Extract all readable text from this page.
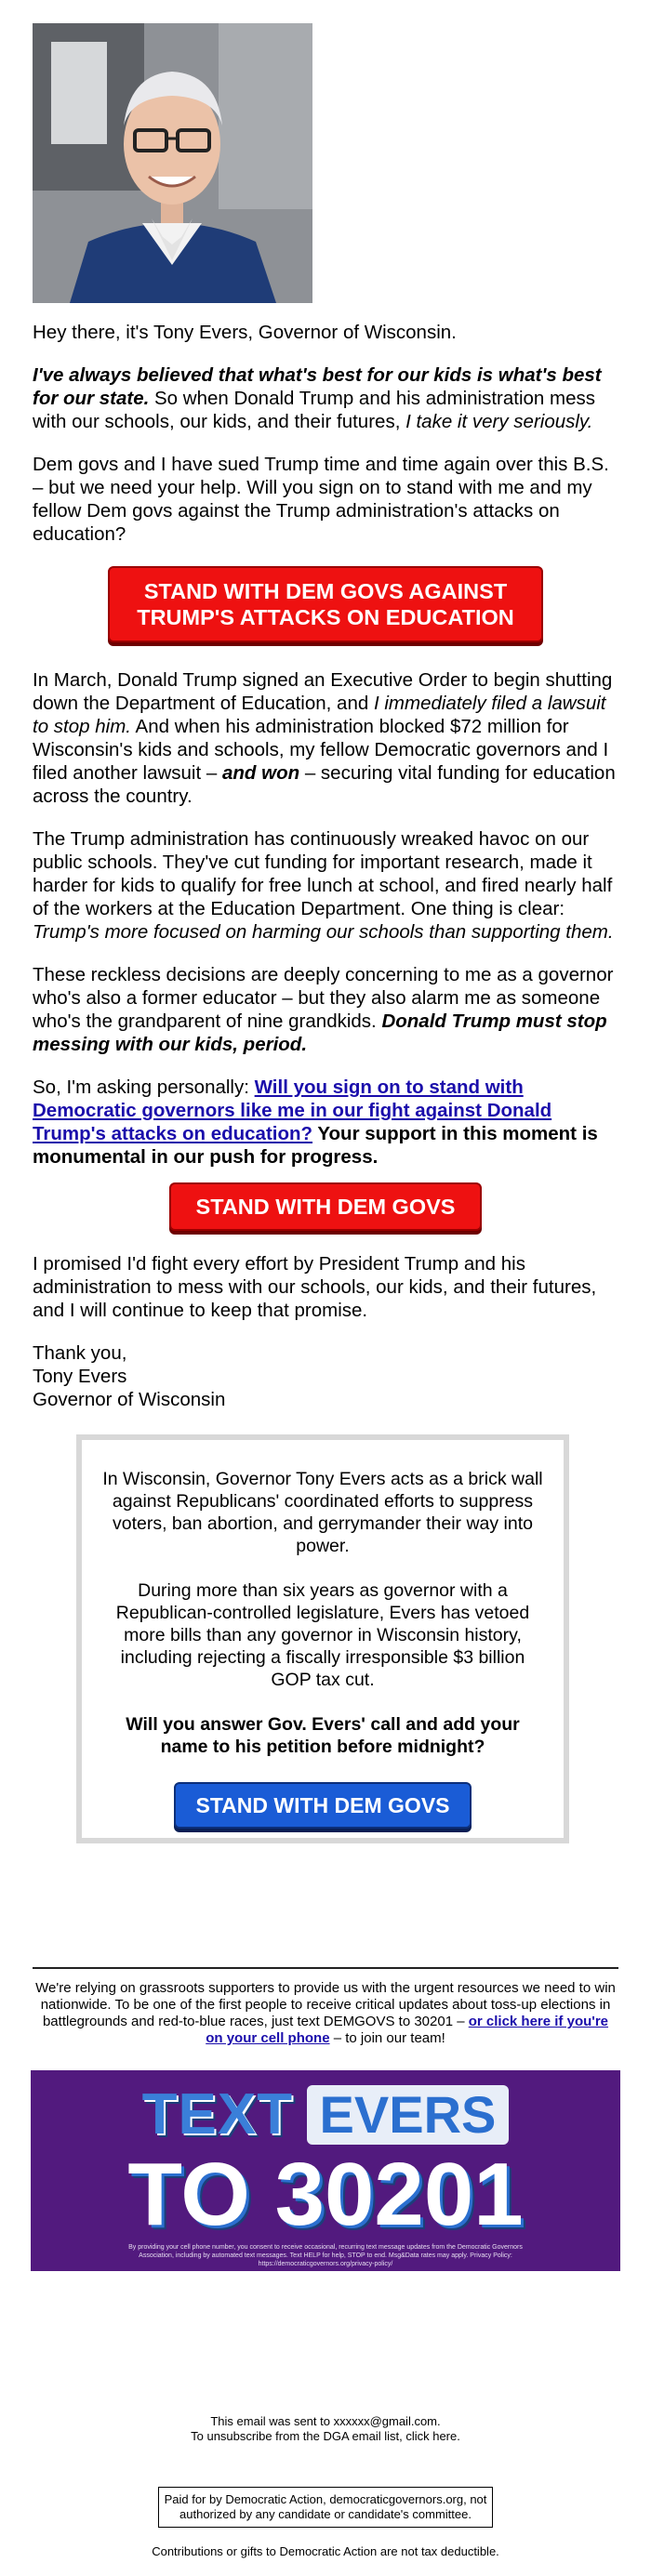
Hey there, it's Tony Evers, Governor of Wisconsin.

I've always believed that what's best for our kids is what's best for our state. So when Donald Trump and his administration mess with our schools, our kids, and their futures, I take it very seriously.

Dem govs and I have sued Trump time and time again over this B.S. – but we need your help. Will you sign on to stand with me and my fellow Dem govs against the Trump administration's attacks on education?

STAND WITH DEM GOVS AGAINST TRUMP'S ATTACKS ON EDUCATION

In March, Donald Trump signed an Executive Order to begin shutting down the Department of Education, and I immediately filed a lawsuit to stop him. And when his administration blocked $72 million for Wisconsin's kids and schools, my fellow Democratic governors and I filed another lawsuit – and won – securing vital funding for education across the country.

The Trump administration has continuously wreaked havoc on our public schools. They've cut funding for important research, made it harder for kids to qualify for free lunch at school, and fired nearly half of the workers at the Education Department. One thing is clear: Trump's more focused on harming our schools than supporting them.

These reckless decisions are deeply concerning to me as a governor who's also a former educator – but they also alarm me as someone who's the grandparent of nine grandkids. Donald Trump must stop messing with our kids, period.

So, I'm asking personally: Will you sign on to stand with Democratic governors like me in our fight against Donald Trump's attacks on education? Your support in this moment is monumental in our push for progress.

STAND WITH DEM GOVS

I promised I'd fight every effort by President Trump and his administration to mess with our schools, our kids, and their futures, and I will continue to keep that promise.

Thank you,
Tony Evers
Governor of Wisconsin

In Wisconsin, Governor Tony Evers acts as a brick wall against Republicans' coordinated efforts to suppress voters, ban abortion, and gerrymander their way into power.

During more than six years as governor with a Republican-controlled legislature, Evers has vetoed more bills than any governor in Wisconsin history, including rejecting a fiscally irresponsible $3 billion GOP tax cut.

Will you answer Gov. Evers' call and add your name to his petition before midnight?

STAND WITH DEM GOVS
We're relying on grassroots supporters to provide us with the urgent resources we need to win nationwide. To be one of the first people to receive critical updates about toss-up elections in battlegrounds and red-to-blue races, just text DEMGOVS to 30201 – or click here if you're on your cell phone – to join our team!
TEXT EVERS
TO 30201
By providing your cell phone number, you consent to receive occasional, recurring text message updates from the Democratic Governors Association, including by automated text messages. Text HELP for help, STOP to end. Msg&Data rates may apply. Privacy Policy: https://democraticgovernors.org/privacy-policy/
This email was sent to xxxxxx@gmail.com.
To unsubscribe from the DGA email list, click here.
Paid for by Democratic Action, democraticgovernors.org, not authorized by any candidate or candidate's committee.
Contributions or gifts to Democratic Action are not tax deductible.
